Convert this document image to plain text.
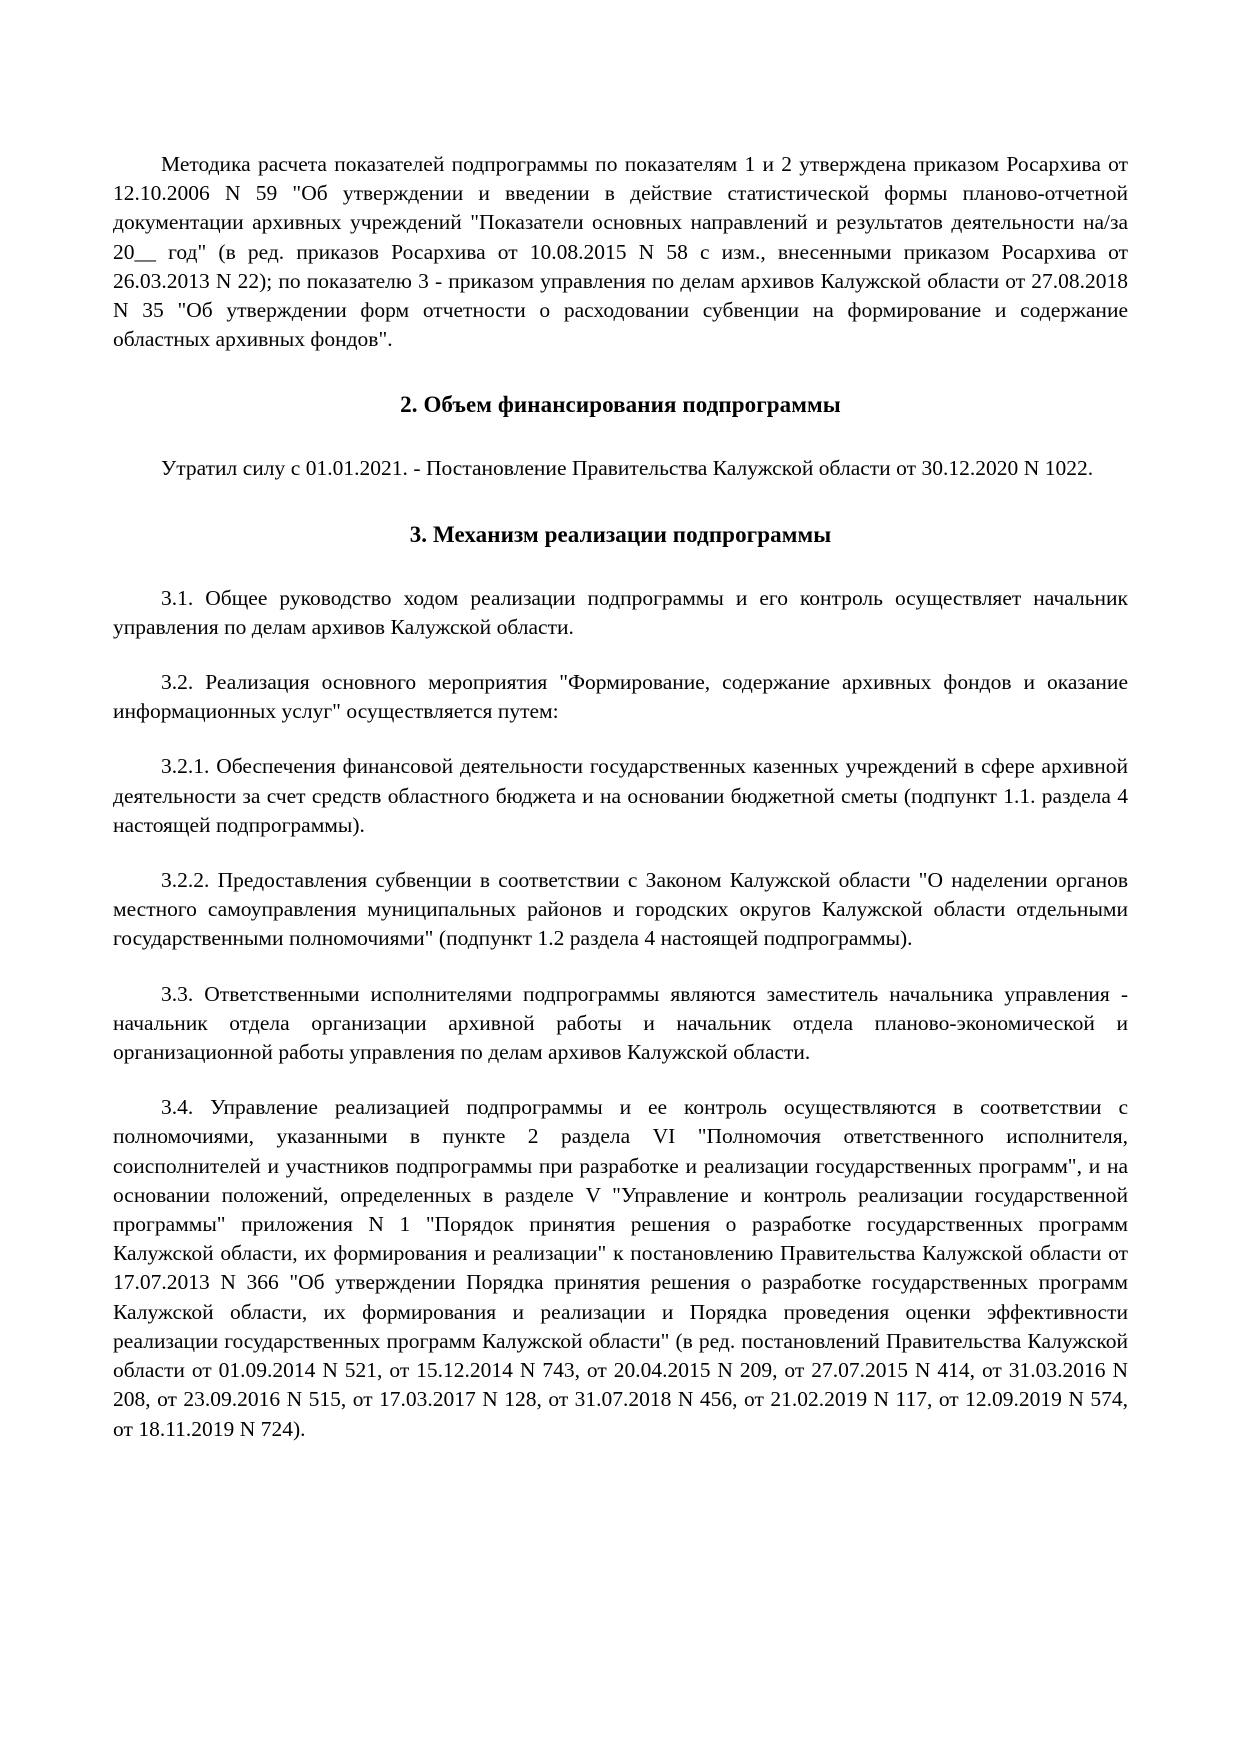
Методика расчета показателей подпрограммы по показателям 1 и 2 утверждена приказом Росархива от 12.10.2006 N 59 "Об утверждении и введении в действие статистической формы планово-отчетной документации архивных учреждений "Показатели основных направлений и результатов деятельности на/за 20__ год" (в ред. приказов Росархива от 10.08.2015 N 58 с изм., внесенными приказом Росархива от 26.03.2013 N 22); по показателю 3 - приказом управления по делам архивов Калужской области от 27.08.2018 N 35 "Об утверждении форм отчетности о расходовании субвенции на формирование и содержание областных архивных фондов".

2. Объем финансирования подпрограммы

Утратил силу с 01.01.2021. - Постановление Правительства Калужской области от 30.12.2020 N 1022.

3. Механизм реализации подпрограммы

3.1. Общее руководство ходом реализации подпрограммы и его контроль осуществляет начальник управления по делам архивов Калужской области.

3.2. Реализация основного мероприятия "Формирование, содержание архивных фондов и оказание информационных услуг" осуществляется путем:

3.2.1. Обеспечения финансовой деятельности государственных казенных учреждений в сфере архивной деятельности за счет средств областного бюджета и на основании бюджетной сметы (подпункт 1.1. раздела 4 настоящей подпрограммы).

3.2.2. Предоставления субвенции в соответствии с Законом Калужской области "О наделении органов местного самоуправления муниципальных районов и городских округов Калужской области отдельными государственными полномочиями" (подпункт 1.2 раздела 4 настоящей подпрограммы).

3.3. Ответственными исполнителями подпрограммы являются заместитель начальника управления - начальник отдела организации архивной работы и начальник отдела планово-экономической и организационной работы управления по делам архивов Калужской области.

3.4. Управление реализацией подпрограммы и ее контроль осуществляются в соответствии с полномочиями, указанными в пункте 2 раздела VI "Полномочия ответственного исполнителя, соисполнителей и участников подпрограммы при разработке и реализации государственных программ", и на основании положений, определенных в разделе V "Управление и контроль реализации государственной программы" приложения N 1 "Порядок принятия решения о разработке государственных программ Калужской области, их формирования и реализации" к постановлению Правительства Калужской области от 17.07.2013 N 366 "Об утверждении Порядка принятия решения о разработке государственных программ Калужской области, их формирования и реализации и Порядка проведения оценки эффективности реализации государственных программ Калужской области" (в ред. постановлений Правительства Калужской области от 01.09.2014 N 521, от 15.12.2014 N 743, от 20.04.2015 N 209, от 27.07.2015 N 414, от 31.03.2016 N 208, от 23.09.2016 N 515, от 17.03.2017 N 128, от 31.07.2018 N 456, от 21.02.2019 N 117, от 12.09.2019 N 574, от 18.11.2019 N 724).
